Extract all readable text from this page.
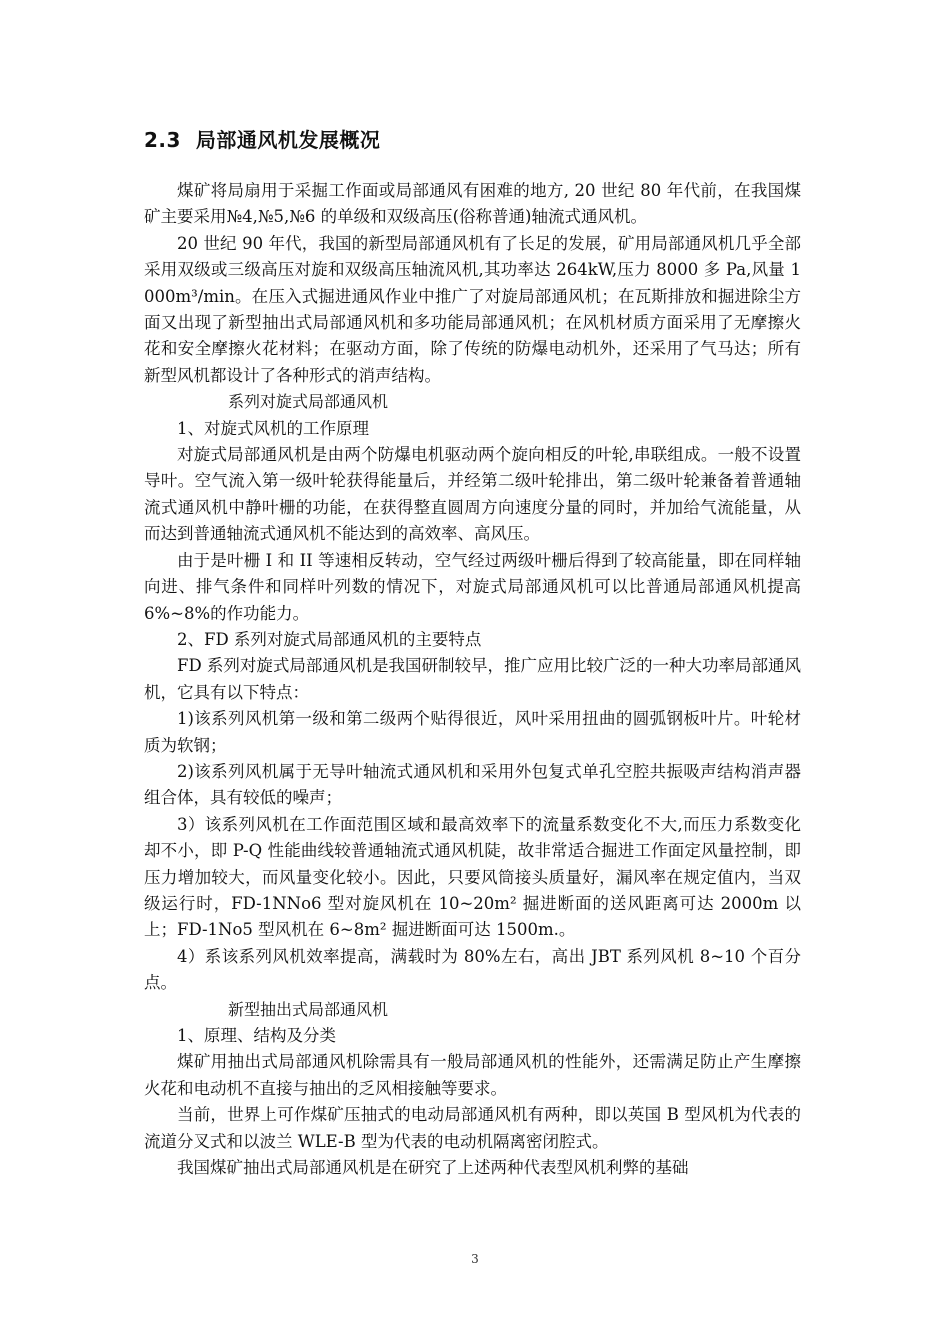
2.3 局部通风机发展概况

煤矿将局扇用于采掘工作面或局部通风有困难的地方, 20 世纪 80 年代前，在我国煤矿主要采用№4,№5,№6 的单级和双级高压(俗称普通)轴流式通风机。

20 世纪 90 年代，我国的新型局部通风机有了长足的发展，矿用局部通风机几乎全部采用双级或三级高压对旋和双级高压轴流风机,其功率达 264kW,压力 8000 多 Pa,风量 1000m³/min。在压入式掘进通风作业中推广了对旋局部通风机；在瓦斯排放和掘进除尘方面又出现了新型抽出式局部通风机和多功能局部通风机；在风机材质方面采用了无摩擦火花和安全摩擦火花材料；在驱动方面，除了传统的防爆电动机外，还采用了气马达；所有新型风机都设计了各种形式的消声结构。

系列对旋式局部通风机

1、对旋式风机的工作原理

对旋式局部通风机是由两个防爆电机驱动两个旋向相反的叶轮,串联组成。一般不设置导叶。空气流入第一级叶轮获得能量后，并经第二级叶轮排出，第二级叶轮兼备着普通轴流式通风机中静叶栅的功能，在获得整直圆周方向速度分量的同时，并加给气流能量，从而达到普通轴流式通风机不能达到的高效率、高风压。

由于是叶栅 I 和 II 等速相反转动，空气经过两级叶栅后得到了较高能量，即在同样轴向进、排气条件和同样叶列数的情况下，对旋式局部通风机可以比普通局部通风机提高 6%~8%的作功能力。

2、FD 系列对旋式局部通风机的主要特点

FD 系列对旋式局部通风机是我国研制较早，推广应用比较广泛的一种大功率局部通风机，它具有以下特点：

1)该系列风机第一级和第二级两个贴得很近，风叶采用扭曲的圆弧钢板叶片。叶轮材质为软钢；

2)该系列风机属于无导叶轴流式通风机和采用外包复式单孔空腔共振吸声结构消声器组合体，具有较低的噪声；

3）该系列风机在工作面范围区域和最高效率下的流量系数变化不大,而压力系数变化却不小，即 P-Q 性能曲线较普通轴流式通风机陡，故非常适合掘进工作面定风量控制，即压力增加较大，而风量变化较小。因此，只要风筒接头质量好，漏风率在规定值内，当双级运行时，FD-1NNo6 型对旋风机在 10~20m² 掘进断面的送风距离可达 2000m 以上；FD-1No5 型风机在 6~8m² 掘进断面可达 1500m.。

4）系该系列风机效率提高，满载时为 80%左右，高出 JBT 系列风机 8~10 个百分点。

新型抽出式局部通风机

1、原理、结构及分类

煤矿用抽出式局部通风机除需具有一般局部通风机的性能外，还需满足防止产生摩擦火花和电动机不直接与抽出的乏风相接触等要求。

当前，世界上可作煤矿压抽式的电动局部通风机有两种，即以英国 B 型风机为代表的流道分叉式和以波兰 WLE-B 型为代表的电动机隔离密闭腔式。

我国煤矿抽出式局部通风机是在研究了上述两种代表型风机利弊的基础

3
